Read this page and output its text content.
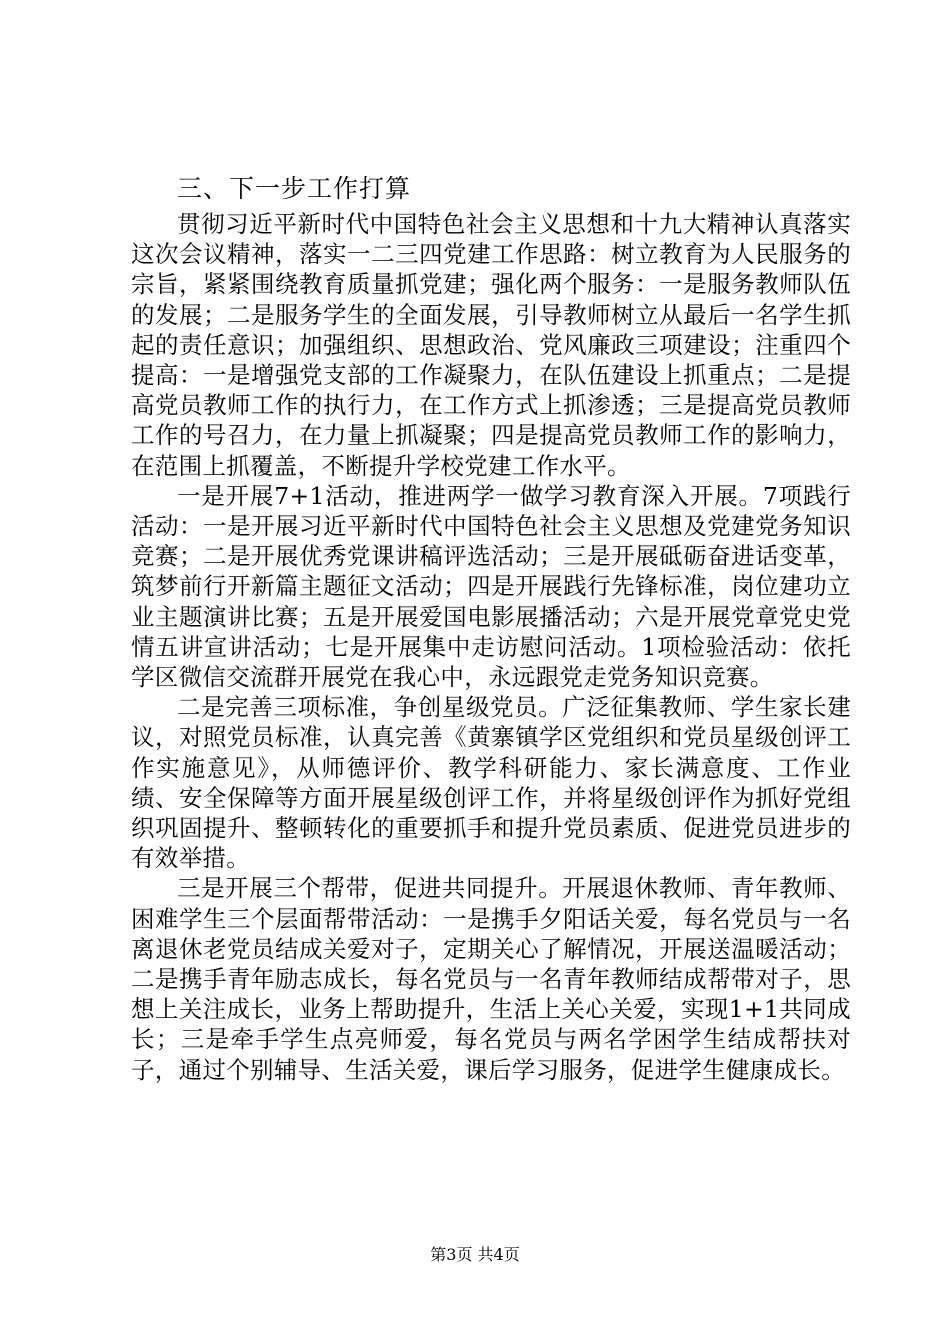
三、下一步工作打算

贯彻习近平新时代中国特色社会主义思想和十九大精神认真落实这次会议精神，落实一二三四党建工作思路：树立教育为人民服务的宗旨，紧紧围绕教育质量抓党建；强化两个服务：一是服务教师队伍的发展；二是服务学生的全面发展，引导教师树立从最后一名学生抓起的责任意识；加强组织、思想政治、党风廉政三项建设；注重四个提高：一是增强党支部的工作凝聚力，在队伍建设上抓重点；二是提高党员教师工作的执行力，在工作方式上抓渗透；三是提高党员教师工作的号召力，在力量上抓凝聚；四是提高党员教师工作的影响力，在范围上抓覆盖，不断提升学校党建工作水平。

一是开展7+1活动，推进两学一做学习教育深入开展。7项践行活动：一是开展习近平新时代中国特色社会主义思想及党建党务知识竞赛；二是开展优秀党课讲稿评选活动；三是开展砥砺奋进话变革，筑梦前行开新篇主题征文活动；四是开展践行先锋标准，岗位建功立业主题演讲比赛；五是开展爱国电影展播活动；六是开展党章党史党情五讲宣讲活动；七是开展集中走访慰问活动。1项检验活动：依托学区微信交流群开展党在我心中，永远跟党走党务知识竞赛。

二是完善三项标准，争创星级党员。广泛征集教师、学生家长建议，对照党员标准，认真完善《黄寨镇学区党组织和党员星级创评工作实施意见》，从师德评价、教学科研能力、家长满意度、工作业绩、安全保障等方面开展星级创评工作，并将星级创评作为抓好党组织巩固提升、整顿转化的重要抓手和提升党员素质、促进党员进步的有效举措。

三是开展三个帮带，促进共同提升。开展退休教师、青年教师、困难学生三个层面帮带活动：一是携手夕阳话关爱，每名党员与一名离退休老党员结成关爱对子，定期关心了解情况，开展送温暖活动；二是携手青年励志成长，每名党员与一名青年教师结成帮带对子，思想上关注成长，业务上帮助提升，生活上关心关爱，实现1+1共同成长；三是牵手学生点亮师爱，每名党员与两名学困学生结成帮扶对子，通过个别辅导、生活关爱，课后学习服务，促进学生健康成长。

第3页 共4页
